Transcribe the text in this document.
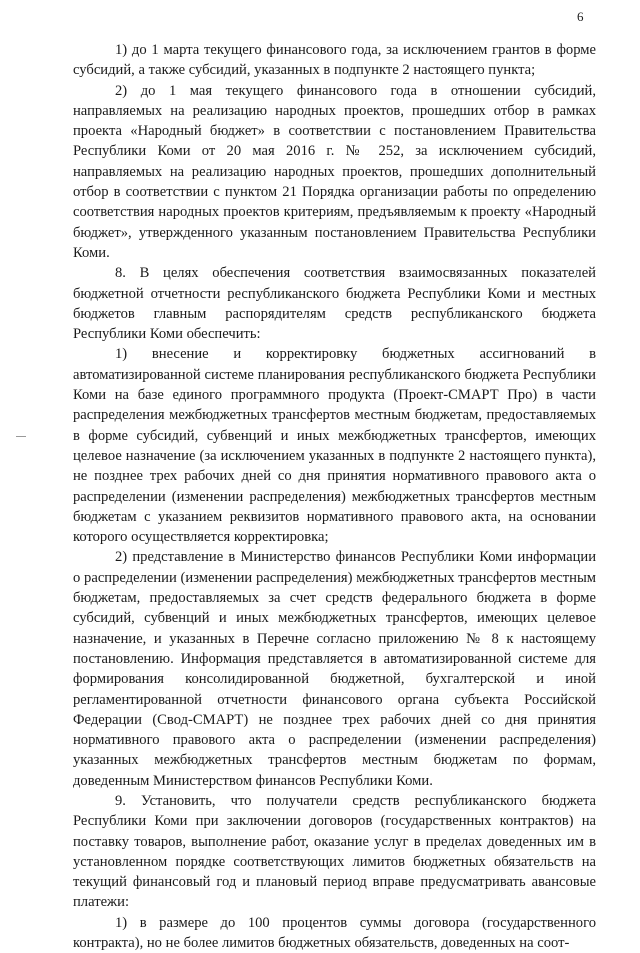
6

1) до 1 марта текущего финансового года, за исключением грантов в форме субсидий, а также субсидий, указанных в подпункте 2 настоящего пункта;

2) до 1 мая текущего финансового года в отношении субсидий, направляемых на реализацию народных проектов, прошедших отбор в рамках проекта «Народный бюджет» в соответствии с постановлением Правительства Республики Коми от 20 мая 2016 г. № 252, за исключением субсидий, направляемых на реализацию народных проектов, прошедших дополнительный отбор в соответствии с пунктом 21 Порядка организации работы по определению соответствия народных проектов критериям, предъявляемым к проекту «Народный бюджет», утвержденного указанным постановлением Правительства Республики Коми.

8. В целях обеспечения соответствия взаимосвязанных показателей бюджетной отчетности республиканского бюджета Республики Коми и местных бюджетов главным распорядителям средств республиканского бюджета Республики Коми обеспечить:

1) внесение и корректировку бюджетных ассигнований в автоматизированной системе планирования республиканского бюджета Республики Коми на базе единого программного продукта (Проект-СМАРТ Про) в части распределения межбюджетных трансфертов местным бюджетам, предоставляемых в форме субсидий, субвенций и иных межбюджетных трансфертов, имеющих целевое назначение (за исключением указанных в подпункте 2 настоящего пункта), не позднее трех рабочих дней со дня принятия нормативного правового акта о распределении (изменении распределения) межбюджетных трансфертов местным бюджетам с указанием реквизитов нормативного правового акта, на основании которого осуществляется корректировка;

2) представление в Министерство финансов Республики Коми информации о распределении (изменении распределения) межбюджетных трансфертов местным бюджетам, предоставляемых за счет средств федерального бюджета в форме субсидий, субвенций и иных межбюджетных трансфертов, имеющих целевое назначение, и указанных в Перечне согласно приложению № 8 к настоящему постановлению. Информация представляется в автоматизированной системе для формирования консолидированной бюджетной, бухгалтерской и иной регламентированной отчетности финансового органа субъекта Российской Федерации (Свод-СМАРТ) не позднее трех рабочих дней со дня принятия нормативного правового акта о распределении (изменении распределения) указанных межбюджетных трансфертов местным бюджетам по формам, доведенным Министерством финансов Республики Коми.

9. Установить, что получатели средств республиканского бюджета Республики Коми при заключении договоров (государственных контрактов) на поставку товаров, выполнение работ, оказание услуг в пределах доведенных им в установленном порядке соответствующих лимитов бюджетных обязательств на текущий финансовый год и плановый период вправе предусматривать авансовые платежи:

1) в размере до 100 процентов суммы договора (государственного контракта), но не более лимитов бюджетных обязательств, доведенных на соот-
